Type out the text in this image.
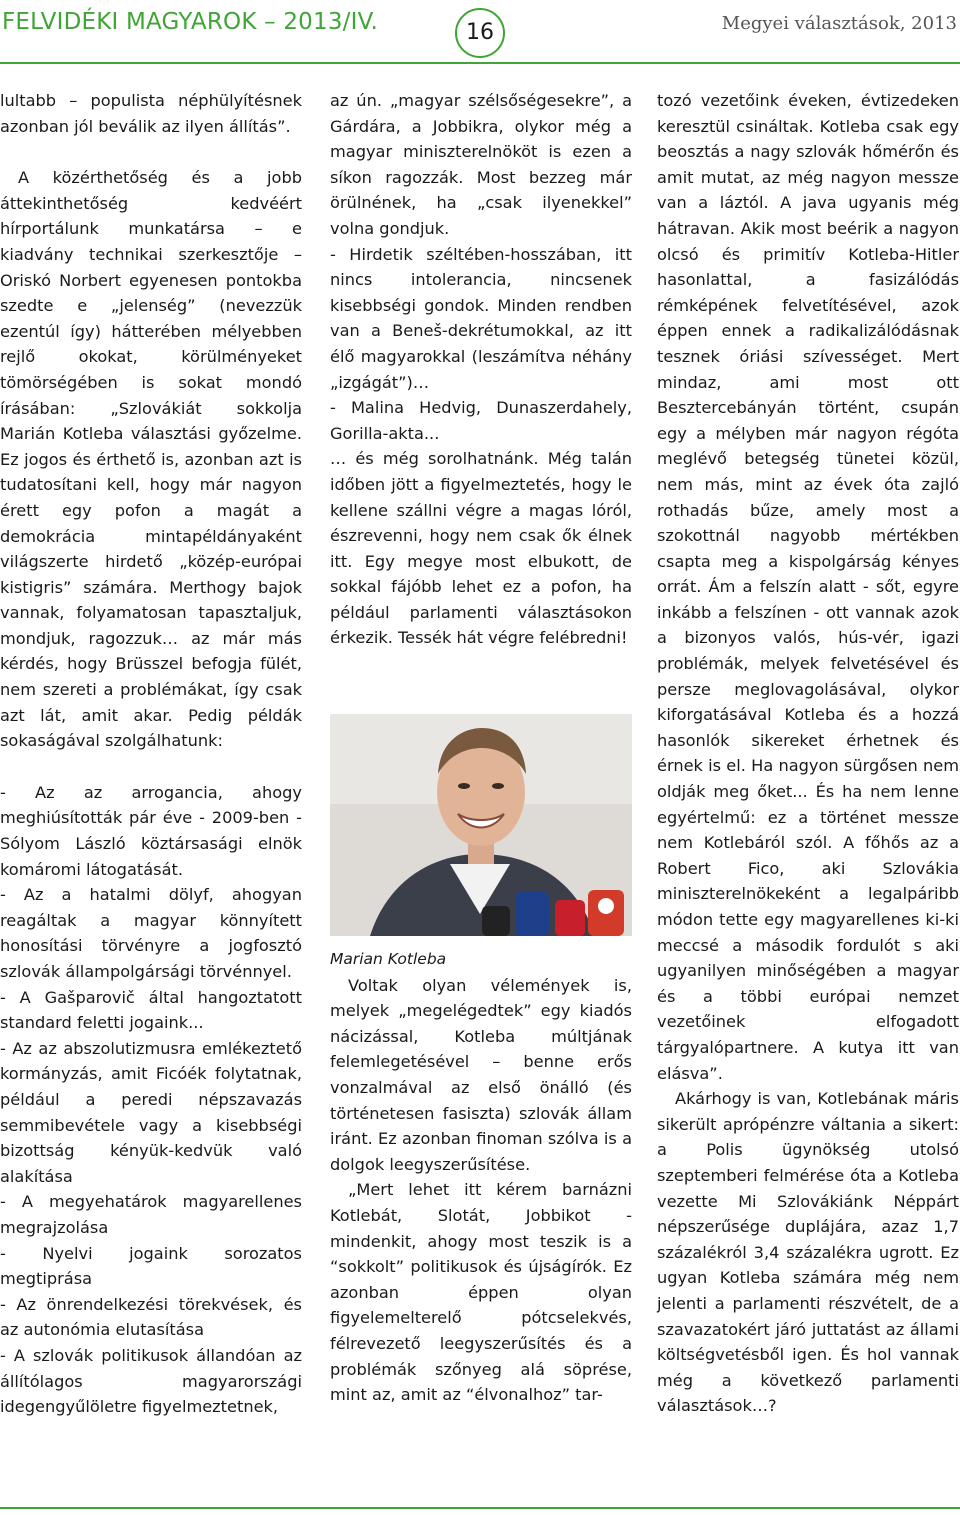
FELVIDÉKI MAGYAROK – 2013/IV.	16	Megyei választások, 2013

lultabb – populista néphülyítésnek azonban jól beválik az ilyen állítás”.

A közérthetőség és a jobb áttekinthetőség kedvéért hírportálunk munkatársa – e kiadvány technikai szerkesztője – Oriskó Norbert egyenesen pontokba szedte e „jelenség” (nevezzük ezentúl így) hátterében mélyebben rejlő okokat, körülményeket tömörségében is sokat mondó írásában: „Szlovákiát sokkolja Marián Kotleba választási győzelme. Ez jogos és érthető is, azonban azt is tudatosítani kell, hogy már nagyon érett egy pofon a magát a demokrácia mintapéldányaként világszerte hirdető „közép-európai kistigris” számára. Merthogy bajok vannak, folyamatosan tapasztaljuk, mondjuk, ragozzuk… az már más kérdés, hogy Brüsszel befogja fülét, nem szereti a problémákat, így csak azt lát, amit akar. Pedig példák sokaságával szolgálhatunk:

- Az az arrogancia, ahogy meghiúsították pár éve - 2009-ben - Sólyom László köztársasági elnök komáromi látogatását.

- Az a hatalmi dölyf, ahogyan reagáltak a magyar könnyített honosítási törvényre a jogfosztó szlovák állampolgársági törvénnyel.

- A Gašparovič által hangoztatott standard feletti jogaink...

- Az az abszolutizmusra emlékeztető kormányzás, amit Ficóék folytatnak, például a peredi népszavazás semmibevétele vagy a kisebbségi bizottság kényük-kedvük való alakítása

- A megyehatárok magyarellenes megrajzolása

- Nyelvi jogaink sorozatos megtiprása

- Az önrendelkezési törekvések, és az autonómia elutasítása

- A szlovák politikusok állandóan az állítólagos magyarországi idegengyűlöletre figyelmeztetnek,

az ún. „magyar szélsőségesekre”, a Gárdára, a Jobbikra, olykor még a magyar miniszterelnököt is ezen a síkon ragozzák. Most bezzeg már örülnének, ha „csak ilyenekkel” volna gondjuk.

- Hirdetik széltében-hosszában, itt nincs intolerancia, nincsenek kisebbségi gondok. Minden rendben van a Beneš-dekrétumokkal, az itt élő magyarokkal (leszámítva néhány „izgágát”)…

- Malina Hedvig, Dunaszerdahely, Gorilla-akta...

… és még sorolhatnánk. Még talán időben jött a figyelmeztetés, hogy le kellene szállni végre a magas lóról, észrevenni, hogy nem csak ők élnek itt. Egy megye most elbukott, de sokkal fájóbb lehet ez a pofon, ha például parlamenti választásokon érkezik. Tessék hát végre felébredni!

Marian Kotleba

Voltak olyan vélemények is, melyek „megelégedtek” egy kiadós nácizással, Kotleba múltjának felemlegetésével – benne erős vonzalmával az első önálló (és történetesen fasiszta) szlovák állam iránt. Ez azonban finoman szólva is a dolgok leegyszerűsítése.

„Mert lehet itt kérem barnázni Kotlebát, Slotát, Jobbikot - mindenkit, ahogy most teszik is a “sokkolt” politikusok és újságírók. Ez azonban éppen olyan figyelemelterelő pótcselekvés, félrevezető leegyszerűsítés és a problémák szőnyeg alá söprése, mint az, amit az “élvonalhoz” tar-

tozó vezetőink éveken, évtizedeken keresztül csináltak. Kotleba csak egy beosztás a nagy szlovák hőmérőn és amit mutat, az még nagyon messze van a láztól. A java ugyanis még hátravan. Akik most beérik a nagyon olcsó és primitív Kotleba-Hitler hasonlattal, a fasizálódás rémképének felvetítésével, azok éppen ennek a radikalizálódásnak tesznek óriási szívességet. Mert mindaz, ami most ott Besztercebányán történt, csupán egy a mélyben már nagyon régóta meglévő betegség tünetei közül, nem más, mint az évek óta zajló rothadás bűze, amely most a szokottnál nagyobb mértékben csapta meg a kispolgárság kényes orrát. Ám a felszín alatt - sőt, egyre inkább a felszínen - ott vannak azok a bizonyos valós, hús-vér, igazi problémák, melyek felvetésével és persze meglovagolásával, olykor kiforgatásával Kotleba és a hozzá hasonlók sikereket érhetnek és érnek is el. Ha nagyon sürgősen nem oldják meg őket... És ha nem lenne egyértelmű: ez a történet messze nem Kotlebáról szól. A főhős az a Robert Fico, aki Szlovákia miniszterelnökeként a legalpáribb módon tette egy magyarellenes ki-ki meccsé a második fordulót s aki ugyanilyen minőségében a magyar és a többi európai nemzet vezetőinek elfogadott tárgyalópartnere. A kutya itt van elásva”.

Akárhogy is van, Kotlebának máris sikerült aprópénzre váltania a sikert: a Polis ügynökség utolsó szeptemberi felmérése óta a Kotleba vezette Mi Szlovákiánk Néppárt népszerűsége duplájára, azaz 1,7 százalékról 3,4 százalékra ugrott. Ez ugyan Kotleba számára még nem jelenti a parlamenti részvételt, de a szavazatokért járó juttatást az állami költségvetésből igen. És hol vannak még a következő parlamenti választások…?
